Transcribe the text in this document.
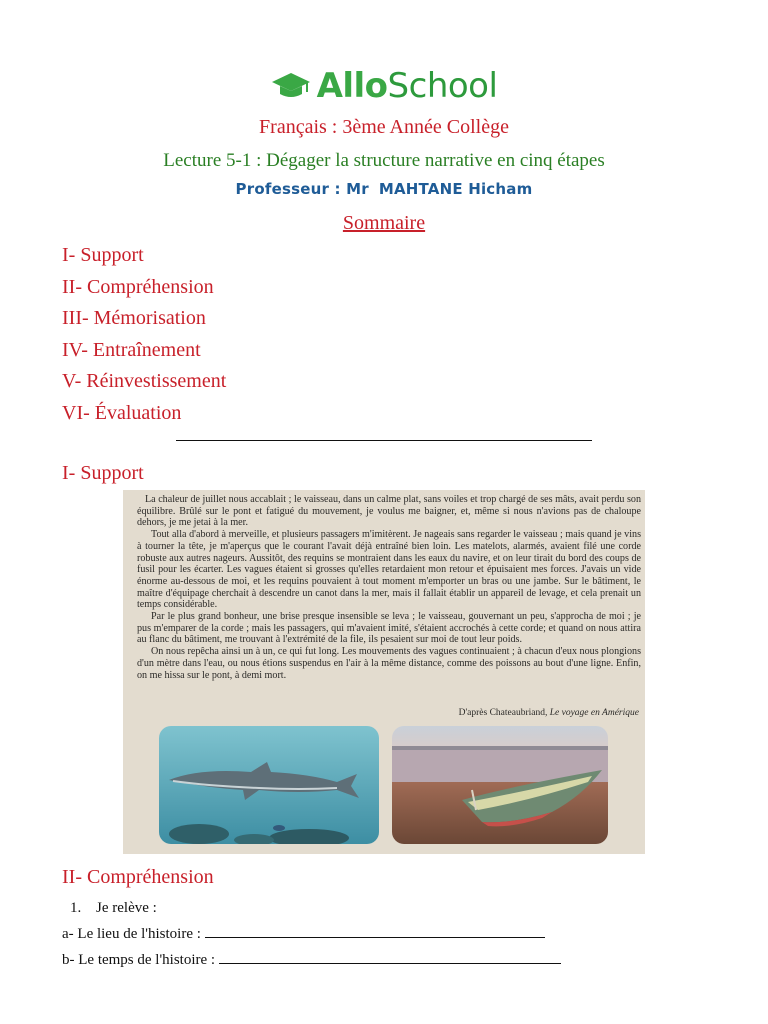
AlloSchool
Français : 3ème Année Collège
Lecture 5-1 : Dégager la structure narrative en cinq étapes
Professeur : Mr MAHTANE Hicham
Sommaire
I- Support
II- Compréhension
III- Mémorisation
IV- Entraînement
V- Réinvestissement
VI- Évaluation
I- Support

La chaleur de juillet nous accablait ; le vaisseau, dans un calme plat, sans voiles et trop chargé de ses mâts, avait perdu son équilibre. Brûlé sur le pont et fatigué du mouvement, je voulus me baigner, et, même si nous n'avions pas de chaloupe dehors, je me jetai à la mer.

Tout alla d'abord à merveille, et plusieurs passagers m'imitèrent. Je nageais sans regarder le vaisseau ; mais quand je vins à tourner la tête, je m'aperçus que le courant l'avait déjà entraîné bien loin. Les matelots, alarmés, avaient filé une corde robuste aux autres nageurs. Aussitôt, des requins se montraient dans les eaux du navire, et on leur tirait du bord des coups de fusil pour les écarter. Les vagues étaient si grosses qu'elles retardaient mon retour et épuisaient mes forces. J'avais un vide énorme au-dessous de moi, et les requins pouvaient à tout moment m'emporter un bras ou une jambe. Sur le bâtiment, le maître d'équipage cherchait à descendre un canot dans la mer, mais il fallait établir un appareil de levage, et cela prenait un temps considérable.

Par le plus grand bonheur, une brise presque insensible se leva ; le vaisseau, gouvernant un peu, s'approcha de moi ; je pus m'emparer de la corde ; mais les passagers, qui m'avaient imité, s'étaient accrochés à cette corde; et quand on nous attira au flanc du bâtiment, me trouvant à l'extrémité de la file, ils pesaient sur moi de tout leur poids.

On nous repêcha ainsi un à un, ce qui fut long. Les mouvements des vagues continuaient ; à chacun d'eux nous plongions d'un mètre dans l'eau, ou nous étions suspendus en l'air à la même distance, comme des poissons au bout d'une ligne. Enfin, on me hissa sur le pont, à demi mort.

D'après Chateaubriand, Le voyage en Amérique
II- Compréhension
1. Je relève :
a- Le lieu de l'histoire :
b- Le temps de l'histoire :
